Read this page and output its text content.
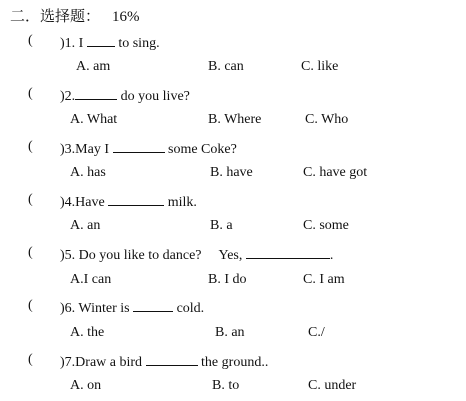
二．选择题： 16%
( )1. I	to sing.
A. am	B. can	C. like
( )2.	do you live?
A. What	B. Where	C. Who
( )3.May I	some Coke?
A. has	B. have	C. have got
( )4.Have	milk.
A. an	B. a	C. some
( )5. Do you like to dance?     Yes,	.
A.I can	B. I do	C. I am
( )6. Winter is	cold.
A. the	B. an	C./
( )7.Draw a bird	the ground..
A. on	B. to	C. under
